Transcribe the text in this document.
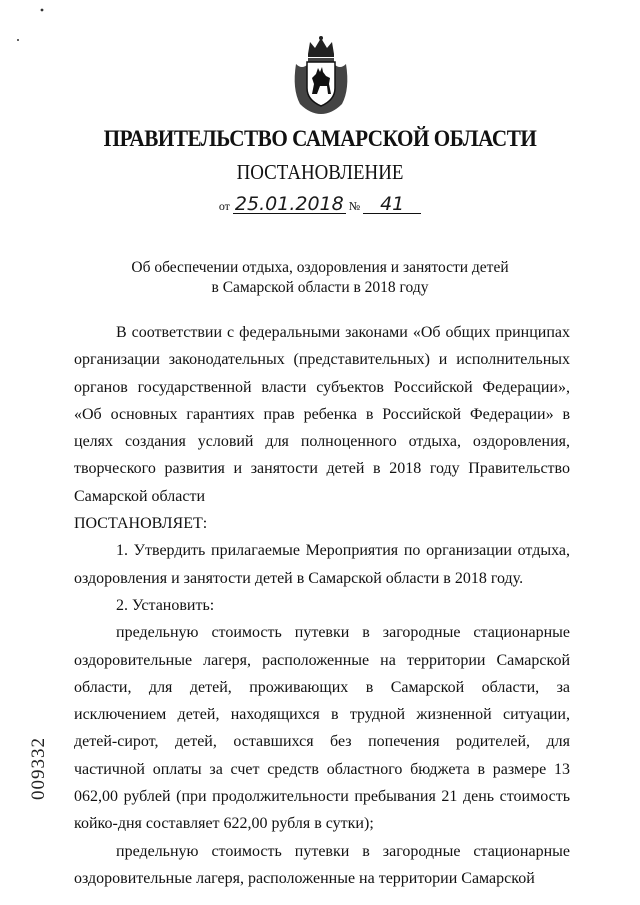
ПРАВИТЕЛЬСТВО САМАРСКОЙ ОБЛАСТИ
ПОСТАНОВЛЕНИЕ
от 25.01.2018 № 41
Об обеспечении отдыха, оздоровления и занятости детей
в Самарской области в 2018 году

В соответствии с федеральными законами «Об общих принципах организации законодательных (представительных) и исполнительных органов государственной власти субъектов Российской Федерации», «Об основных гарантиях прав ребенка в Российской Федерации» в целях создания условий для полноценного отдыха, оздоровления, творческого развития и занятости детей в 2018 году Правительство Самарской области

ПОСТАНОВЛЯЕТ:

1. Утвердить прилагаемые Мероприятия по организации отдыха, оздоровления и занятости детей в Самарской области в 2018 году.

2. Установить:

предельную стоимость путевки в загородные стационарные оздоровительные лагеря, расположенные на территории Самарской области, для детей, проживающих в Самарской области, за исключением детей, находящихся в трудной жизненной ситуации, детей-сирот, детей, оставшихся без попечения родителей, для частичной оплаты за счет средств областного бюджета в размере 13 062,00 рублей (при продолжительности пребывания 21 день стоимость койко-дня составляет 622,00 рубля в сутки);

предельную стоимость путевки в загородные стационарные оздоровительные лагеря, расположенные на территории Самарской

009332
